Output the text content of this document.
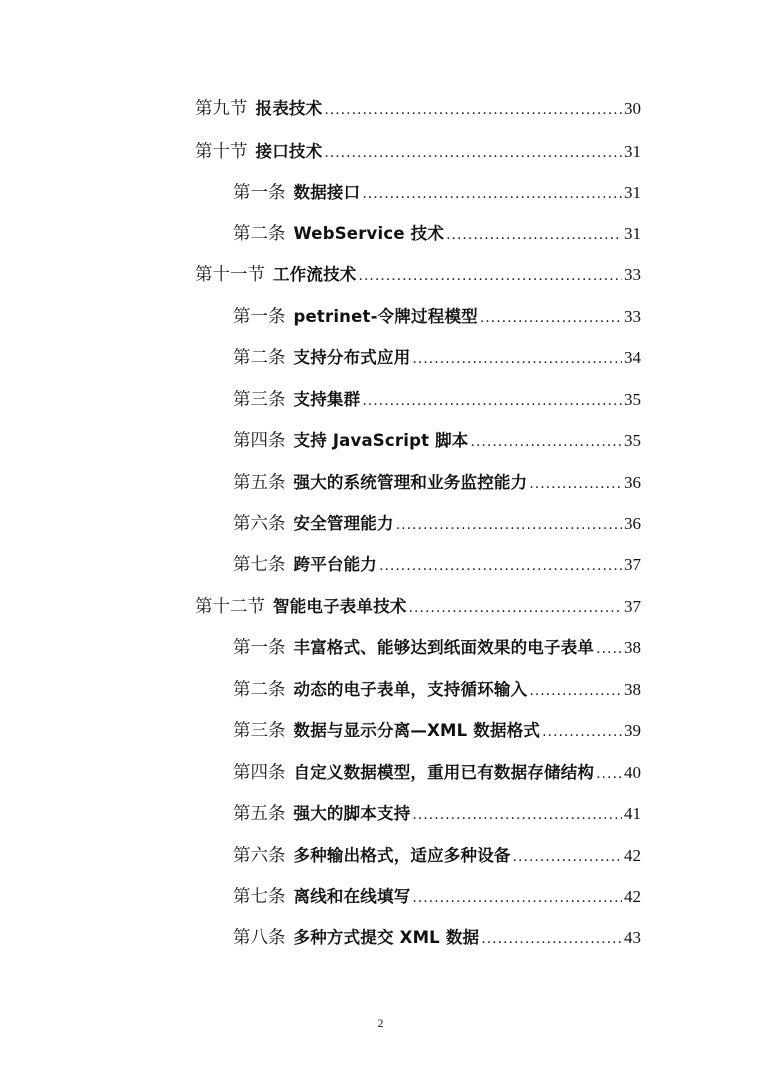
第九节 报表技术 .....	30
第十节 接口技术 .....	31
第一条 数据接口 .....	31
第二条 WebService 技术 .....	31
第十一节 工作流技术 .....	33
第一条 petrinet-令牌过程模型 .....	33
第二条 支持分布式应用 .....	34
第三条 支持集群 .....	35
第四条 支持 JavaScript 脚本 .....	35
第五条 强大的系统管理和业务监控能力 .....	36
第六条 安全管理能力 .....	36
第七条 跨平台能力 .....	37
第十二节 智能电子表单技术 .....	37
第一条 丰富格式、能够达到纸面效果的电子表单 ..... 38
第二条 动态的电子表单，支持循环输入 .....	38
第三条 数据与显示分离—XML 数据格式 .....	39
第四条 自定义数据模型，重用已有数据存储结构 ..... 40
第五条 强大的脚本支持 .....	41
第六条 多种输出格式，适应多种设备 .....	42
第七条 离线和在线填写 .....	42
第八条 多种方式提交 XML 数据 .....	43
2
